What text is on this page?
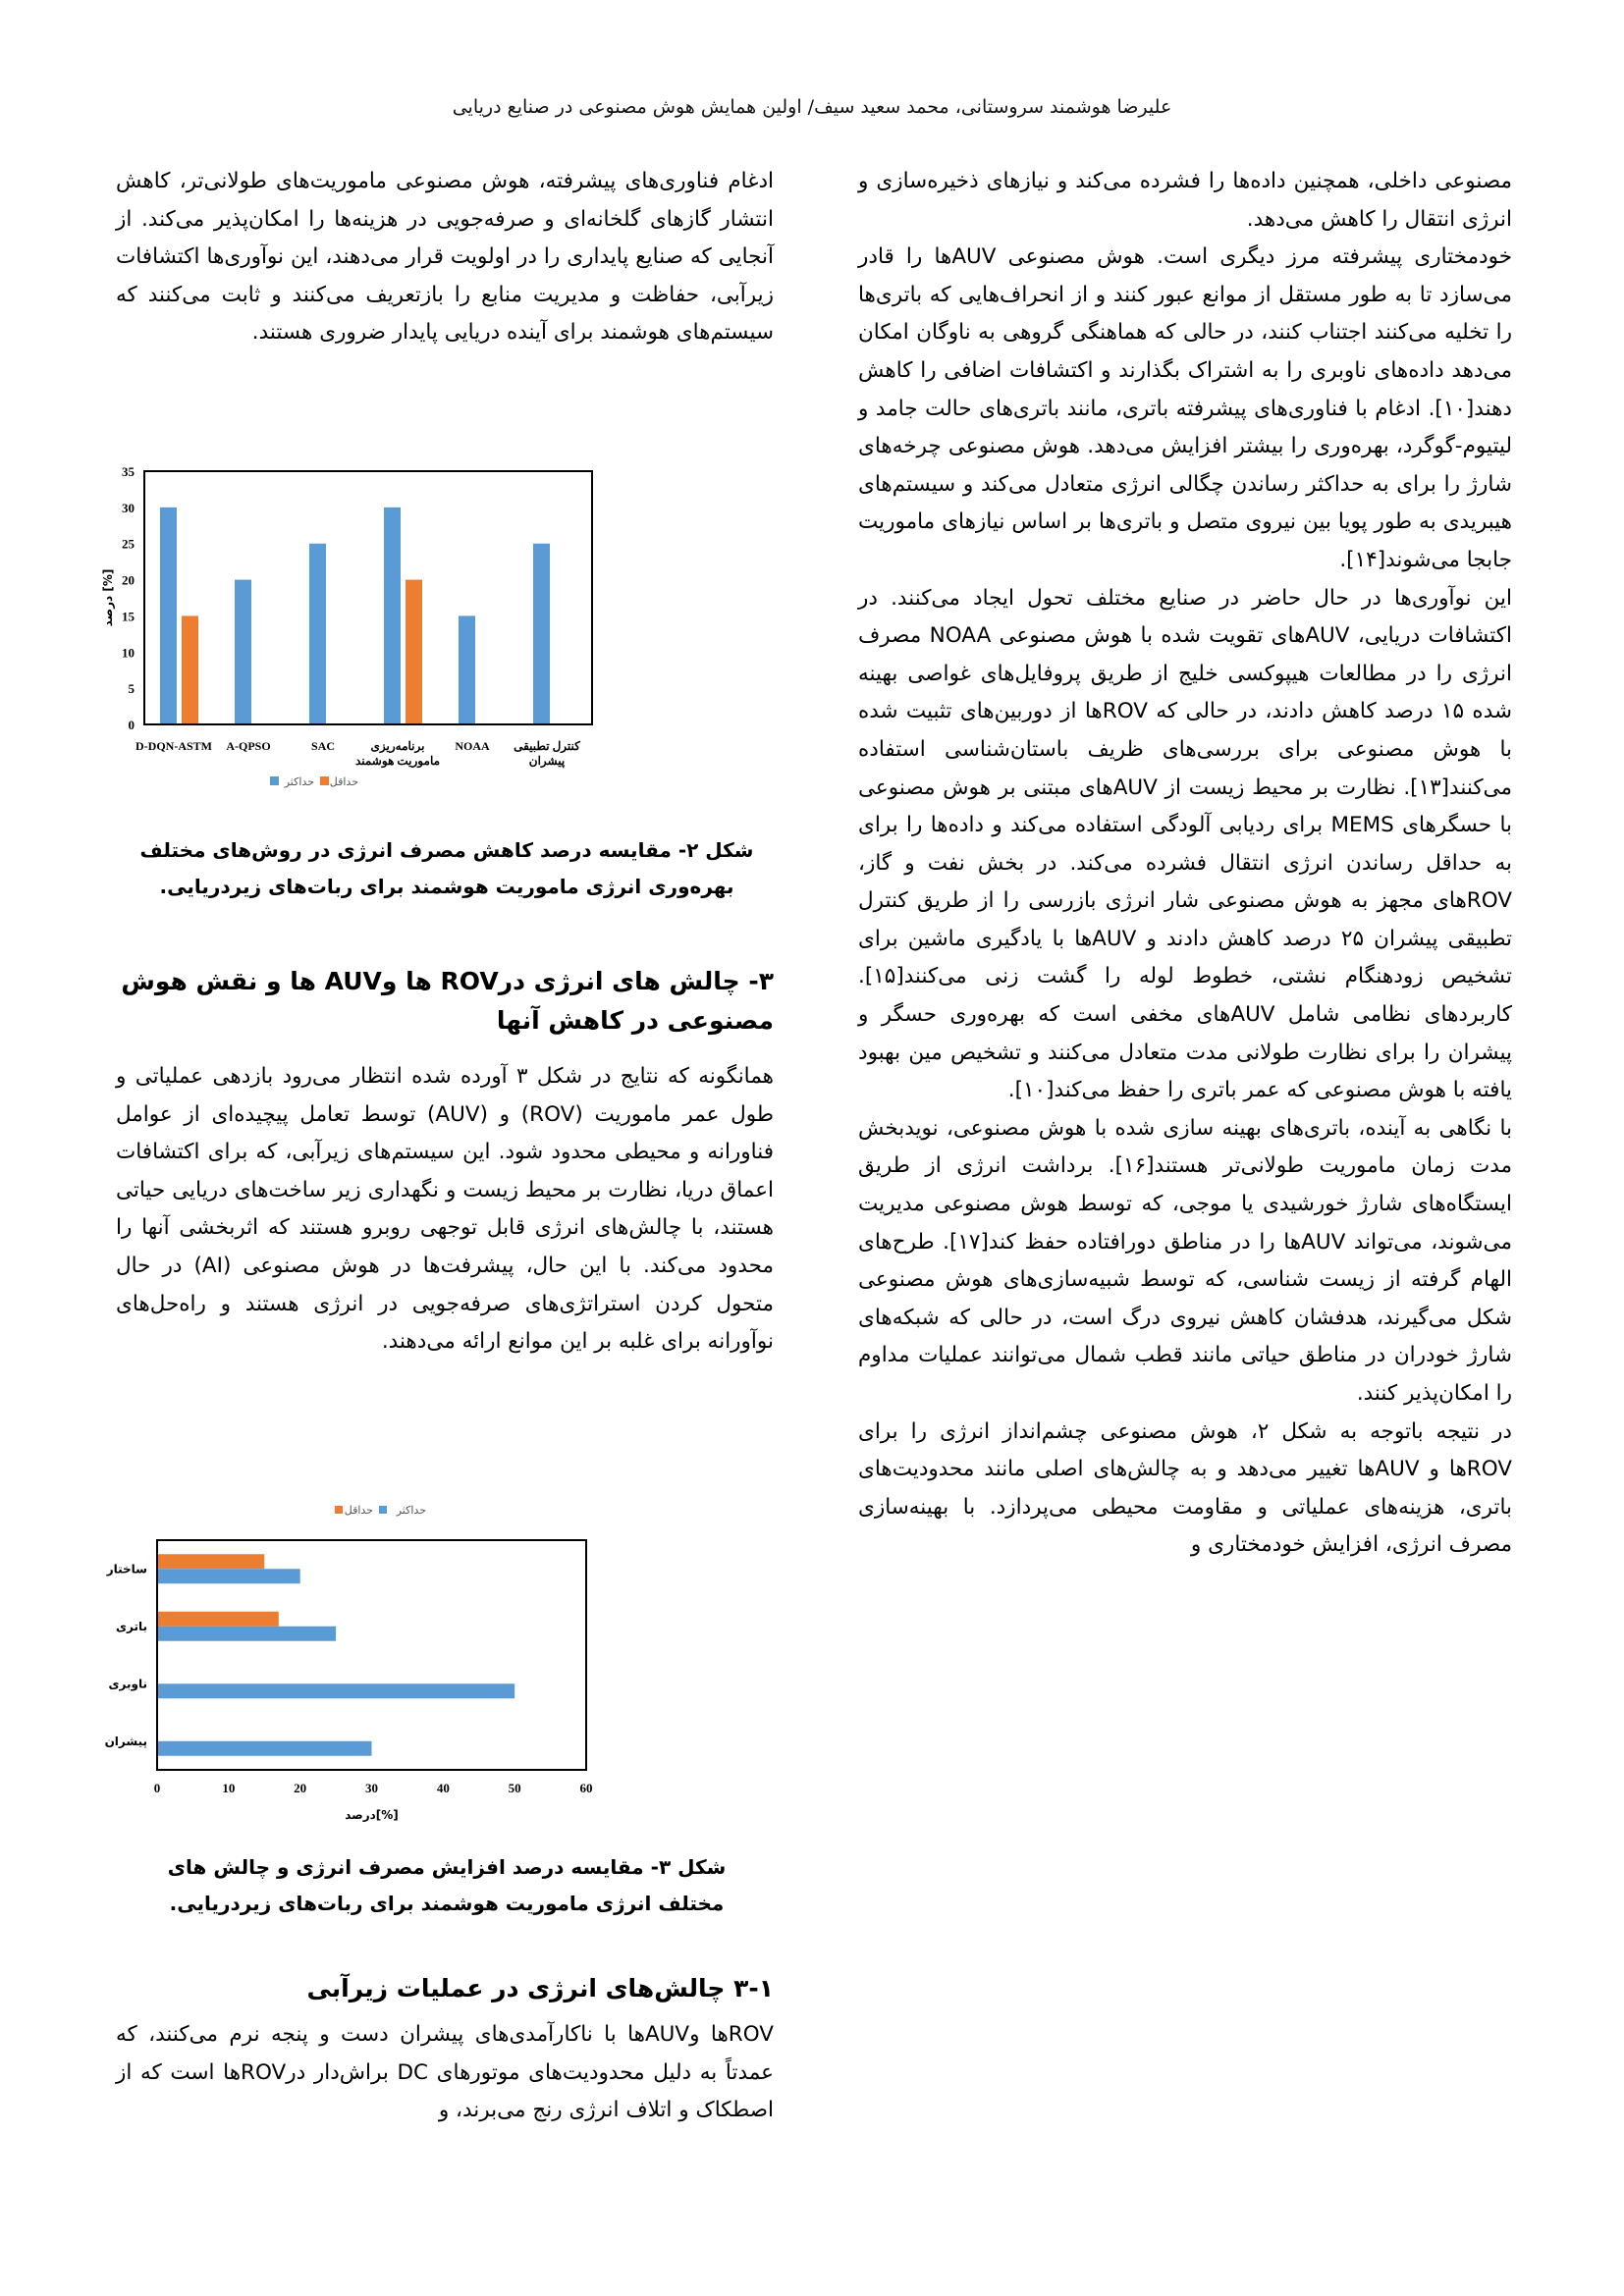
علیرضا هوشمند سروستانی، محمد سعید سیف/ اولین همایش هوش مصنوعی در صنایع دریایی

مصنوعی داخلی، همچنین داده‌ها را فشرده می‌کند و نیازهای ذخیره‌سازی و انرژی انتقال را کاهش می‌دهد.

خودمختاری پیشرفته مرز دیگری است. هوش مصنوعی AUVها را قادر می‌سازد تا به طور مستقل از موانع عبور کنند و از انحراف‌هایی که باتری‌ها را تخلیه می‌کنند اجتناب کنند، در حالی که هماهنگی گروهی به ناوگان امکان می‌دهد داده‌های ناوبری را به اشتراک بگذارند و اکتشافات اضافی را کاهش دهند[۱۰]. ادغام با فناوری‌های پیشرفته باتری، مانند باتری‌های حالت جامد و لیتیوم-گوگرد، بهره‌وری را بیشتر افزایش می‌دهد. هوش مصنوعی چرخه‌های شارژ را برای به حداکثر رساندن چگالی انرژی متعادل می‌کند و سیستم‌های هیبریدی به طور پویا بین نیروی متصل و باتری‌ها بر اساس نیازهای ماموریت جابجا می‌شوند[۱۴].

این نوآوری‌ها در حال حاضر در صنایع مختلف تحول ایجاد می‌کنند. در اکتشافات دریایی، AUVهای تقویت شده با هوش مصنوعی NOAA مصرف انرژی را در مطالعات هیپوکسی خلیج از طریق پروفایل‌های غواصی بهینه شده ۱۵ درصد کاهش دادند، در حالی که ROVها از دوربین‌های تثبیت شده با هوش مصنوعی برای بررسی‌های ظریف باستان‌شناسی استفاده می‌کنند[۱۳]. نظارت بر محیط زیست از AUVهای مبتنی بر هوش مصنوعی با حسگرهای MEMS برای ردیابی آلودگی استفاده می‌کند و داده‌ها را برای به حداقل رساندن انرژی انتقال فشرده می‌کند. در بخش نفت و گاز، ROVهای مجهز به هوش مصنوعی شار انرژی بازرسی را از طریق کنترل تطبیقی پیشران ۲۵ درصد کاهش دادند و AUVها با یادگیری ماشین برای تشخیص زودهنگام نشتی، خطوط لوله را گشت زنی می‌کنند[۱۵]. کاربردهای نظامی شامل AUVهای مخفی است که بهره‌وری حسگر و پیشران را برای نظارت طولانی مدت متعادل می‌کنند و تشخیص مین بهبود یافته با هوش مصنوعی که عمر باتری را حفظ می‌کند[۱۰].

با نگاهی به آینده، باتری‌های بهینه سازی شده با هوش مصنوعی، نویدبخش مدت زمان ماموریت طولانی‌تر هستند[۱۶]. برداشت انرژی از طریق ایستگاه‌های شارژ خورشیدی یا موجی، که توسط هوش مصنوعی مدیریت می‌شوند، می‌تواند AUVها را در مناطق دورافتاده حفظ کند[۱۷]. طرح‌های الهام گرفته از زیست شناسی، که توسط شبیه‌سازی‌های هوش مصنوعی شکل می‌گیرند، هدفشان کاهش نیروی درگ است، در حالی که شبکه‌های شارژ خودران در مناطق حیاتی مانند قطب شمال می‌توانند عملیات مداوم را امکان‌پذیر کنند.

در نتیجه باتوجه به شکل ۲، هوش مصنوعی چشم‌انداز انرژی را برای ROVها و AUVها تغییر می‌دهد و به چالش‌های اصلی مانند محدودیت‌های باتری، هزینه‌های عملیاتی و مقاومت محیطی می‌پردازد. با بهینه‌سازی مصرف انرژی، افزایش خودمختاری و

ادغام فناوری‌های پیشرفته، هوش مصنوعی ماموریت‌های طولانی‌تر، کاهش انتشار گازهای گلخانه‌ای و صرفه‌جویی در هزینه‌ها را امکان‌پذیر می‌کند. از آنجایی که صنایع پایداری را در اولویت قرار می‌دهند، این نوآوری‌ها اکتشافات زیرآبی، حفاظت و مدیریت منابع را بازتعریف می‌کنند و ثابت می‌کنند که سیستم‌های هوشمند برای آینده دریایی پایدار ضروری هستند.

0
5
10
15
20
25
30
35
D-DQN-ASTM A-QPSO	SAC	برنامه‌ریزی
ماموریت هوشمند
NOAA کنترل تطبیقی
پیشران
درصد [%]
حداقل
حداکثر
شکل ۲- مقایسه درصد کاهش مصرف انرژی در روش‌های مختلف بهره‌وری انرژی ماموریت هوشمند برای ربات‌های زیردریایی.
۳- چالش های انرژی درROV ها وAUV ها و نقش هوش مصنوعی در کاهش آنها

همانگونه که نتایج در شکل ۳ آورده شده انتظار می‌رود بازدهی عملیاتی و طول عمر ماموریت (ROV) و (AUV) توسط تعامل پیچیده‌ای از عوامل فناورانه و محیطی محدود شود. این سیستم‌های زیرآبی، که برای اکتشافات اعماق دریا، نظارت بر محیط زیست و نگهداری زیر ساخت‌های دریایی حیاتی هستند، با چالش‌های انرژی قابل توجهی روبرو هستند که اثربخشی آنها را محدود می‌کند. با این حال، پیشرفت‌ها در هوش مصنوعی (AI) در حال متحول کردن استراتژی‌های صرفه‌جویی در انرژی هستند و راه‌حل‌های نوآورانه برای غلبه بر این موانع ارائه می‌دهند.

حداکثر
حداقل
ساختار
باتری
ناوبری
پیشران
0	10	20	30	40	50	60
درصد[%]
شکل ۳- مقایسه درصد افزایش مصرف انرژی و چالش های مختلف انرژی ماموریت هوشمند برای ربات‌های زیردریایی.
۳-۱ چالش‌های انرژی در عملیات زیرآبی

ROVها وAUVها با ناکارآمدی‌های پیشران دست و پنجه نرم می‌کنند، که عمدتاً به دلیل محدودیت‌های موتورهای DC براش‌دار درROVها است که از اصطکاک و اتلاف انرژی رنج می‌برند، و
